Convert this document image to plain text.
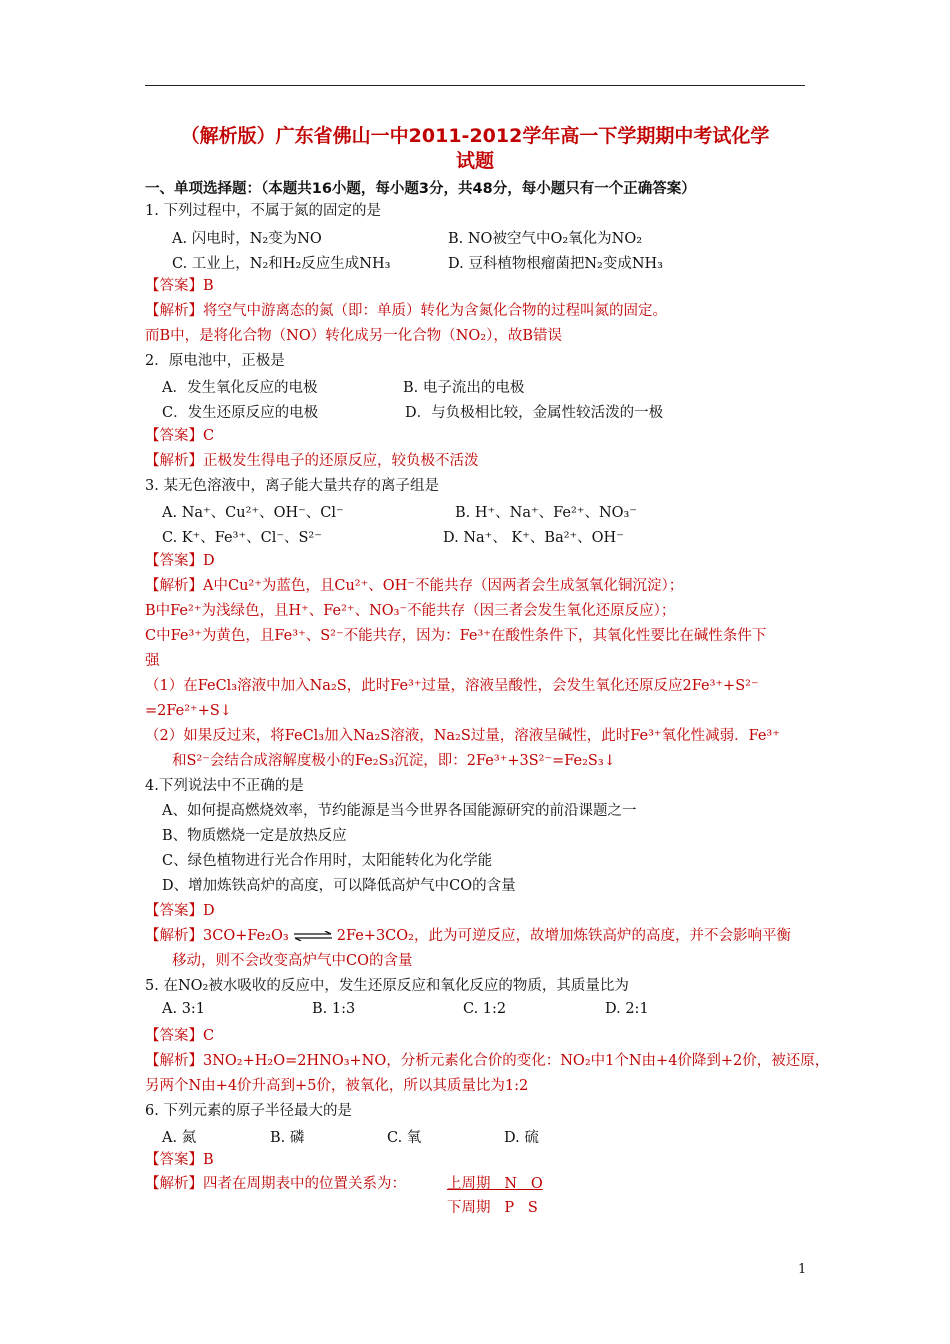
（解析版）广东省佛山一中2011-2012学年高一下学期期中考试化学
试题
一、单项选择题：（本题共16小题，每小题3分，共48分，每小题只有一个正确答案）
1. 下列过程中，不属于氮的固定的是
A. 闪电时，N₂变为NO	B. NO被空气中O₂氧化为NO₂
C. 工业上，N₂和H₂反应生成NH₃	D. 豆科植物根瘤菌把N₂变成NH₃
【答案】B
【解析】将空气中游离态的氮（即：单质）转化为含氮化合物的过程叫氮的固定。
而B中，是将化合物（NO）转化成另一化合物（NO₂），故B错误
2．原电池中，正极是
A．发生氧化反应的电极	B. 电子流出的电极
C．发生还原反应的电极	D．与负极相比较，金属性较活泼的一极
【答案】C
【解析】正极发生得电子的还原反应，较负极不活泼
3. 某无色溶液中，离子能大量共存的离子组是
A. Na⁺、Cu²⁺、OH⁻、Cl⁻	B. H⁺、Na⁺、Fe²⁺、NO₃⁻
C. K⁺、Fe³⁺、Cl⁻、S²⁻	D. Na⁺、 K⁺、Ba²⁺、OH⁻
【答案】D
【解析】A中Cu²⁺为蓝色，且Cu²⁺、OH⁻不能共存（因两者会生成氢氧化铜沉淀）；
B中Fe²⁺为浅绿色，且H⁺、Fe²⁺、NO₃⁻不能共存（因三者会发生氧化还原反应）；
C中Fe³⁺为黄色，且Fe³⁺、S²⁻不能共存，因为：Fe³⁺在酸性条件下，其氧化性要比在碱性条件下
强
（1）在FeCl₃溶液中加入Na₂S，此时Fe³⁺过量，溶液呈酸性，会发生氧化还原反应2Fe³⁺+S²⁻
=2Fe²⁺+S↓
（2）如果反过来，将FeCl₃加入Na₂S溶液，Na₂S过量，溶液呈碱性，此时Fe³⁺氧化性减弱．Fe³⁺
和S²⁻会结合成溶解度极小的Fe₂S₃沉淀，即：2Fe³⁺+3S²⁻=Fe₂S₃↓
4.下列说法中不正确的是
A、如何提高燃烧效率，节约能源是当今世界各国能源研究的前沿课题之一
B、物质燃烧一定是放热反应
C、绿色植物进行光合作用时，太阳能转化为化学能
D、增加炼铁高炉的高度，可以降低高炉气中CO的含量
【答案】D
【解析】3CO+Fe₂O₃ ⇌ 2Fe+3CO₂，此为可逆反应，故增加炼铁高炉的高度，并不会影响平衡
移动，则不会改变高炉气中CO的含量
5. 在NO₂被水吸收的反应中，发生还原反应和氧化反应的物质，其质量比为
A. 3:1	B. 1:3	C. 1:2	D. 2:1
【答案】C
【解析】3NO₂+H₂O=2HNO₃+NO，分析元素化合价的变化：NO₂中1个N由+4价降到+2价，被还原，
另两个N由+4价升高到+5价，被氧化，所以其质量比为1:2
6. 下列元素的原子半径最大的是
A. 氮	B. 磷	C. 氧	D. 硫
【答案】B
【解析】四者在周期表中的位置关系为：	上周期   N   O
下周期   P   S
1
